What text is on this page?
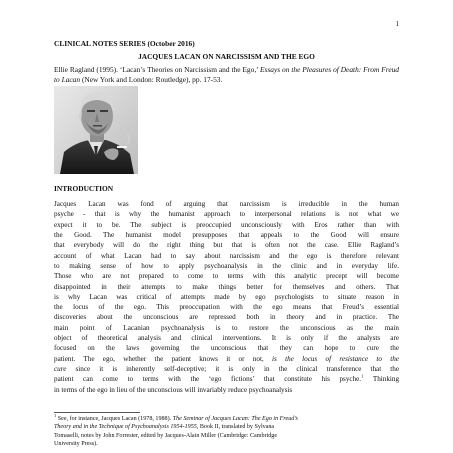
1
CLINICAL NOTES SERIES (October 2016)
JACQUES LACAN ON NARCISSISM AND THE EGO
Ellie Ragland (1995). ‘Lacan’s Theories on Narcissism and the Ego,’ Essays on the Pleasures of Death: From Freud to Lacan (New York and London: Routledge), pp. 17-53.
INTRODUCTION
Jacques Lacan was fond of arguing that narcissism is irreducible in the human
psyche - that is why the humanist approach to interpersonal relations is not what we
expect it to be. The subject is preoccupied unconsciously with Eros rather than with
the Good. The humanist model presupposes that appeals to the Good will ensure
that everybody will do the right thing but that is often not the case. Ellie Ragland’s
account of what Lacan had to say about narcissism and the ego is therefore relevant
to making sense of how to apply psychoanalysis in the clinic and in everyday life.
Those who are not prepared to come to terms with this analytic precept will become
disappointed in their attempts to make things better for themselves and others. That
is why Lacan was critical of attempts made by ego psychologists to situate reason in
the locus of the ego. This preoccupation with the ego means that Freud’s essential
discoveries about the unconscious are repressed both in theory and in practice. The
main point of Lacanian psychoanalysis is to restore the unconscious as the main
object of theoretical analysis and clinical interventions. It is only if the analysts are
focused on the laws governing the unconscious that they can hope to cure the
patient. The ego, whether the patient knows it or not, is the locus of resistance to the
cure since it is inherently self-deceptive; it is only in the clinical transference that the
patient can come to terms with the ‘ego fictions’ that constitute his psyche.$^1$ Thinking
in terms of the ego in lieu of the unconscious will invariably reduce psychoanalysis
$^1$ See, for instance, Jacques Lacan (1978, 1988). The Seminar of Jacques Lacan: The Ego in Freud’s
Theory and in the Technique of Psychoanalysis 1954-1955, Book II, translated by Sylvana
Tomaselli, notes by John Forrester, edited by Jacques-Alain Miller (Cambridge: Cambridge
University Press).
